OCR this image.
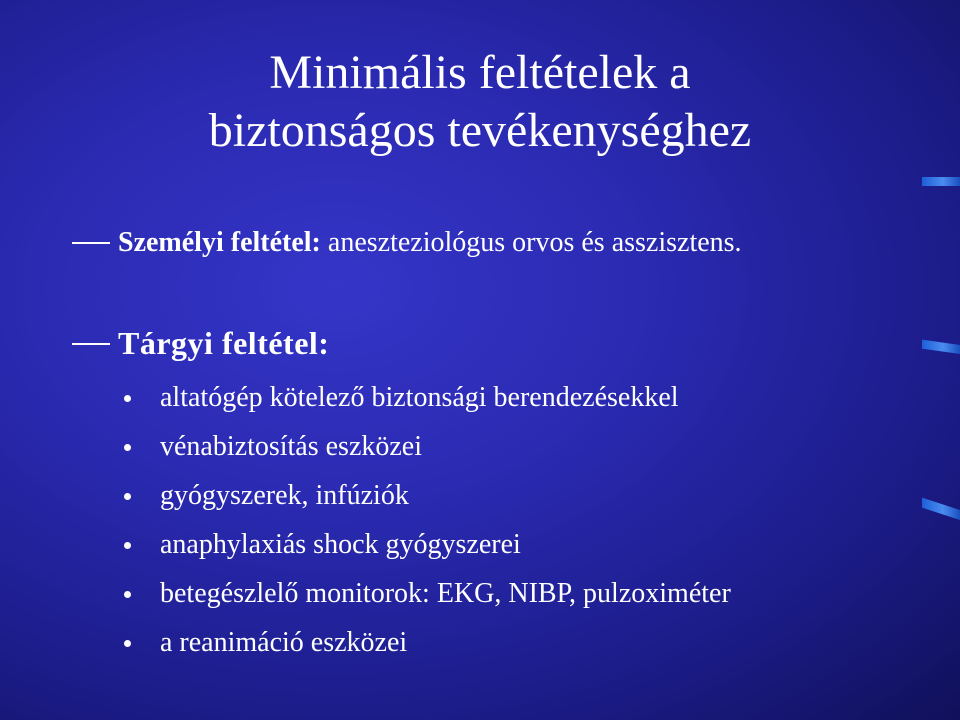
Minimális feltételek a
biztonságos tevékenységhez
Személyi feltétel: aneszteziológus orvos és asszisztens.
Tárgyi feltétel:
altatógép kötelező biztonsági berendezésekkel
vénabiztosítás eszközei
gyógyszerek, infúziók
anaphylaxiás shock gyógyszerei
betegészlelő monitorok: EKG, NIBP, pulzoximéter
a reanimáció eszközei
